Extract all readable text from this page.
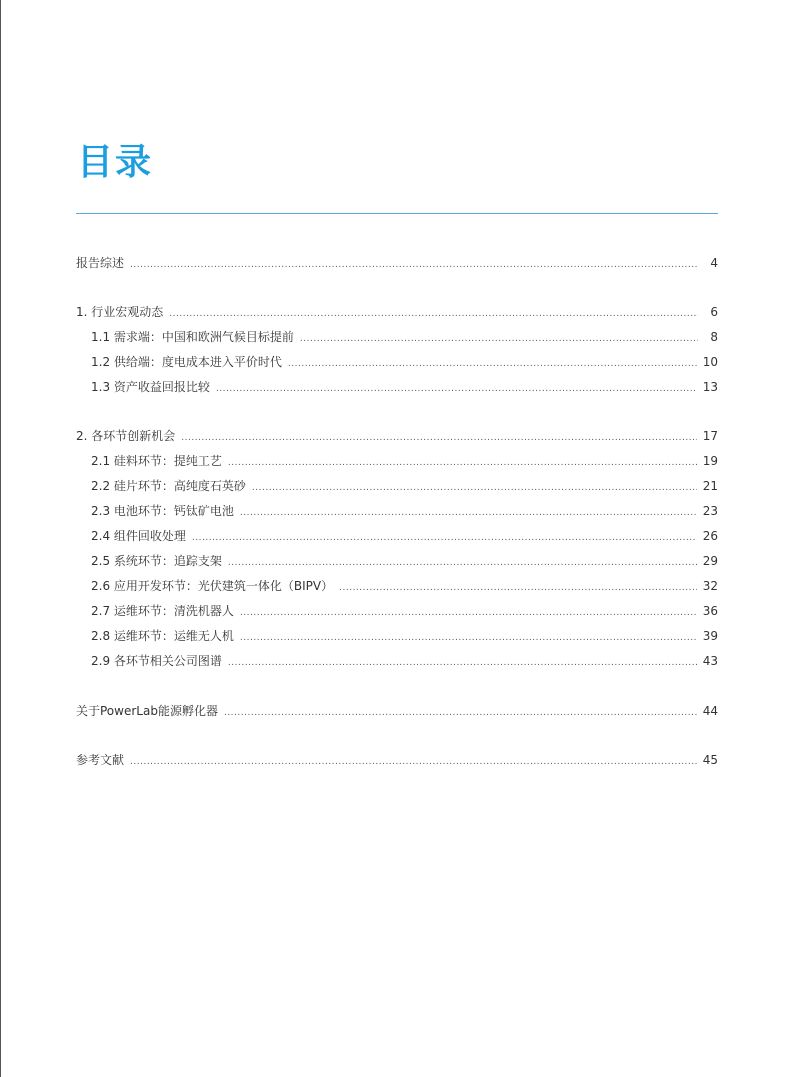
目录
报告综述 .....	4
1. 行业宏观动态 .....	6
1.1 需求端：中国和欧洲气候目标提前 .....	8
1.2 供给端：度电成本进入平价时代 .....	10
1.3 资产收益回报比较 .....	13
2. 各环节创新机会 .....	17
2.1 硅料环节：提纯工艺 .....	19
2.2 硅片环节：高纯度石英砂 .....	21
2.3 电池环节：钙钛矿电池 .....	23
2.4 组件回收处理 .....	26
2.5 系统环节：追踪支架 .....	29
2.6 应用开发环节：光伏建筑一体化（BIPV） .....	32
2.7 运维环节：清洗机器人 .....	36
2.8 运维环节：运维无人机 .....	39
2.9 各环节相关公司图谱 .....	43
关于PowerLab能源孵化器 .....	44
参考文献 .....	45
